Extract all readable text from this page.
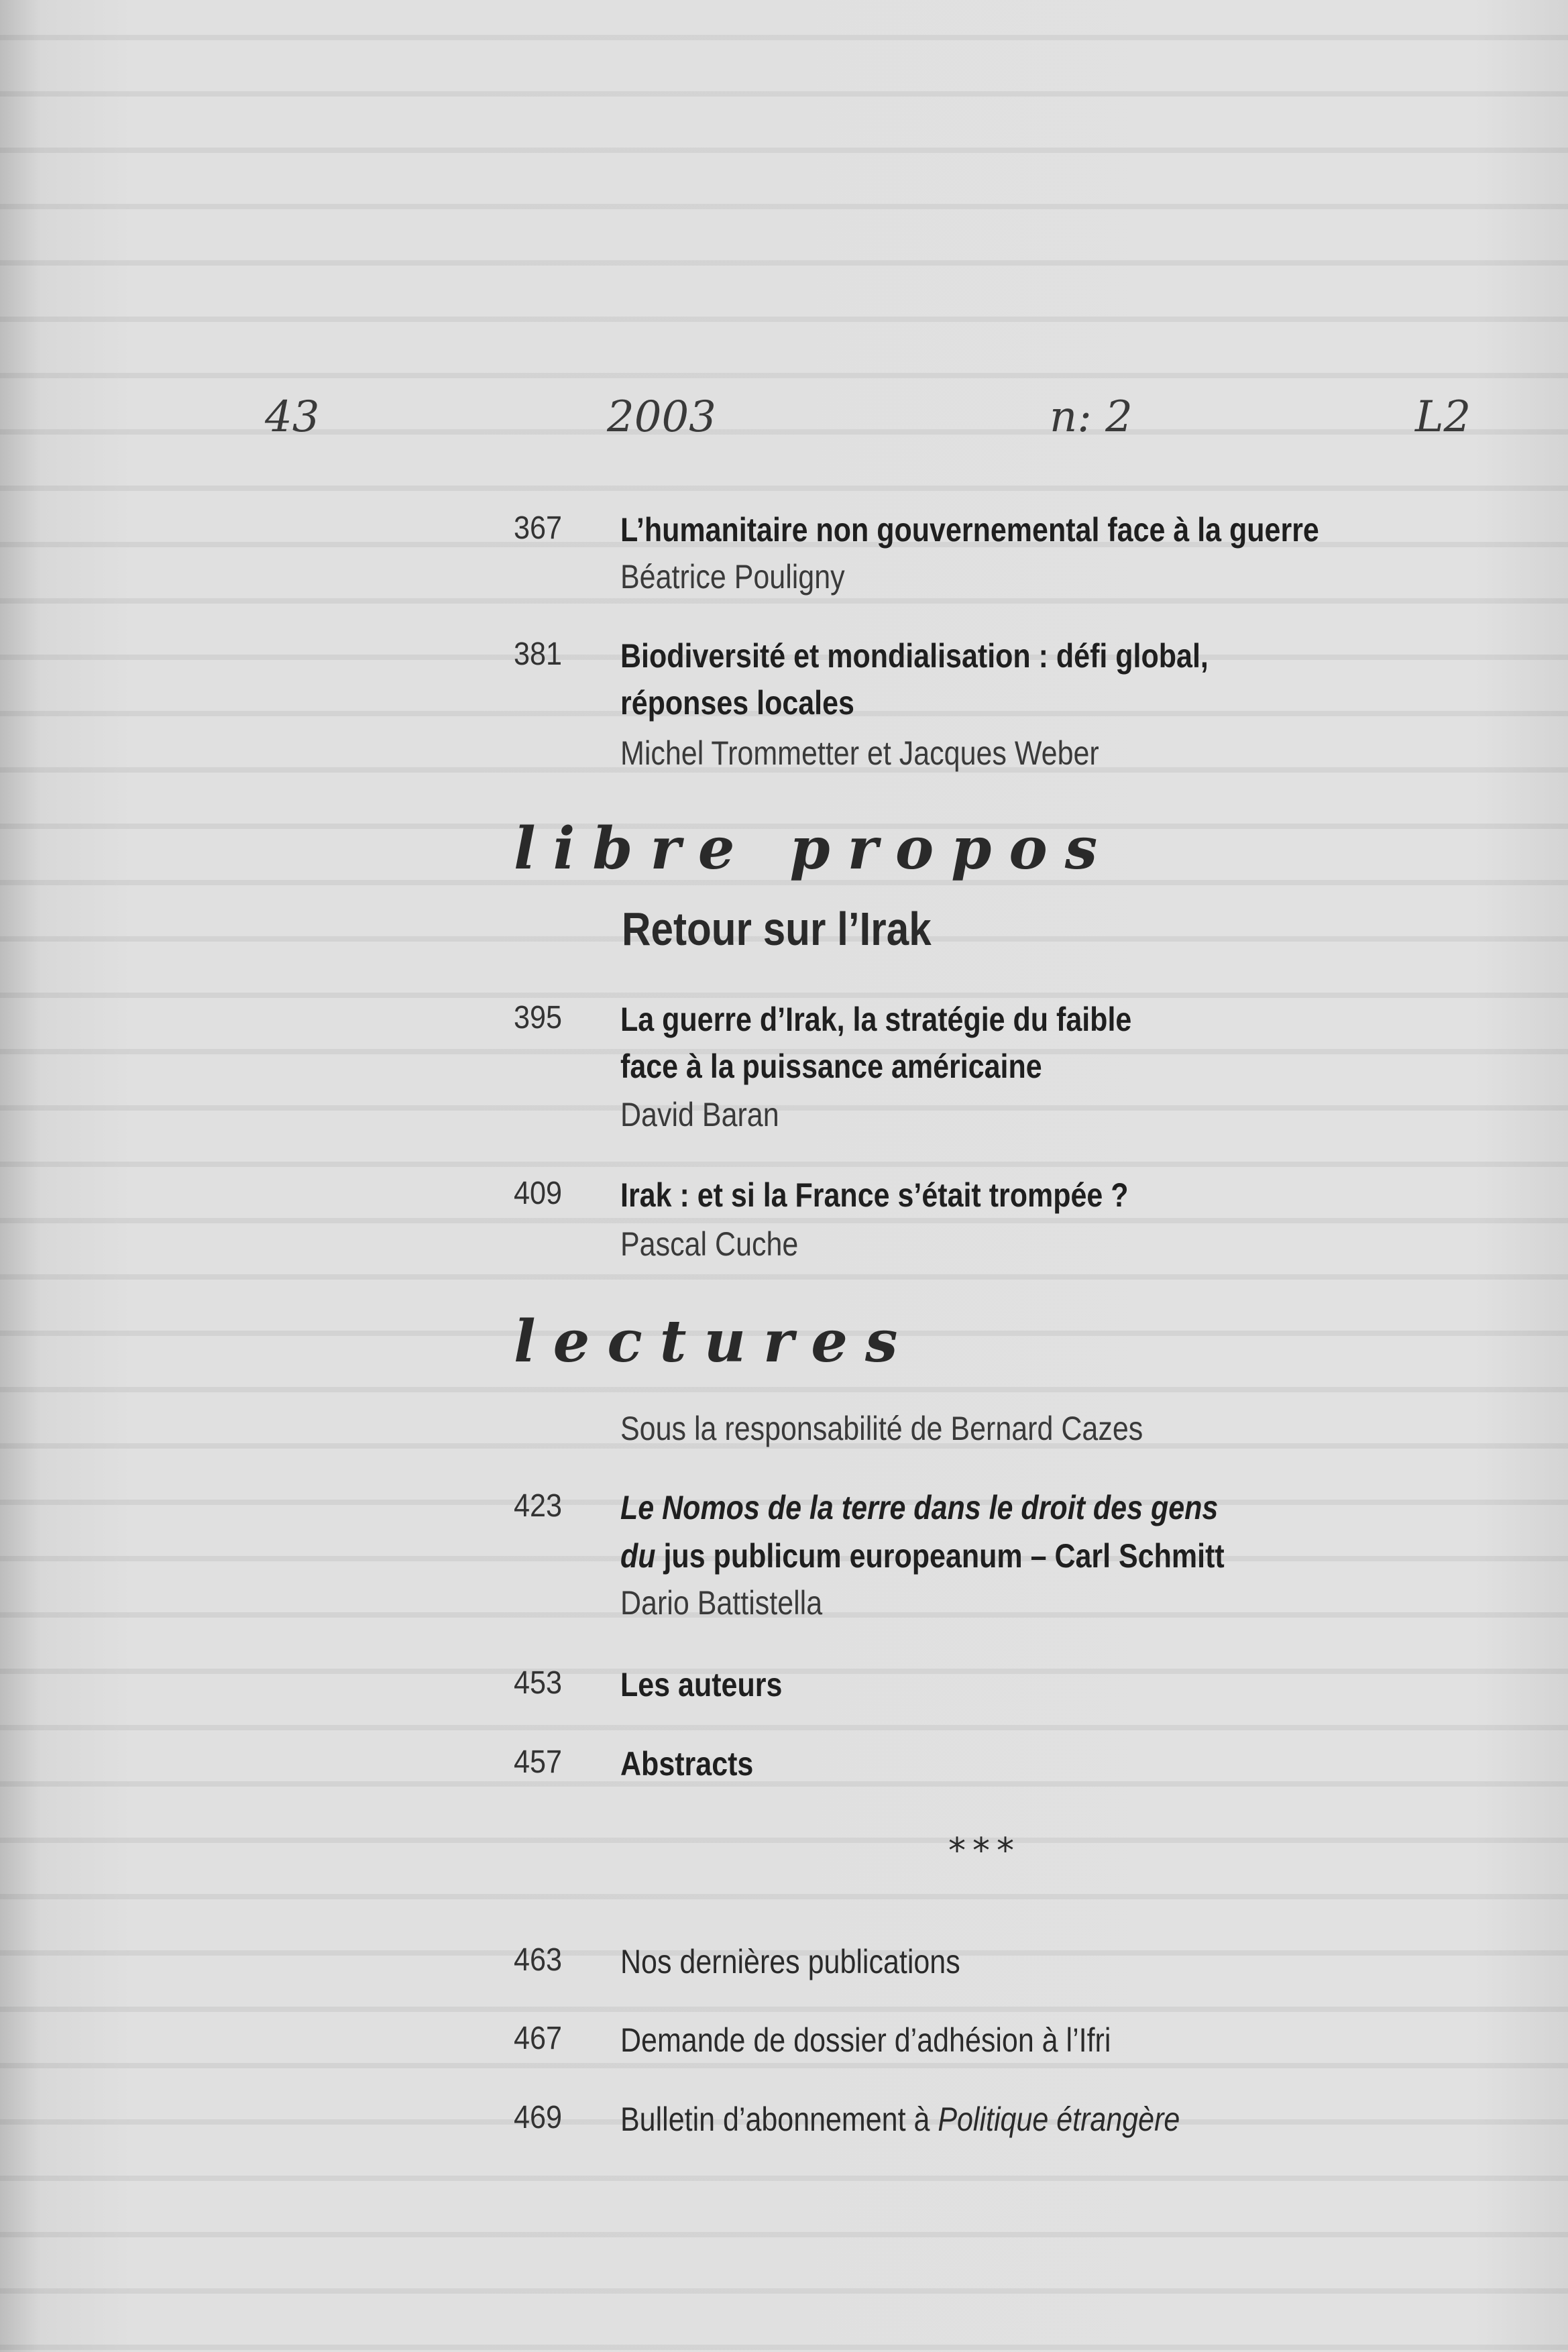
43	2003	n: 2	L2
367	L’humanitaire non gouvernemental face à la guerre
Béatrice Pouligny
381	Biodiversité et mondialisation : défi global,
réponses locales
Michel Trommetter et Jacques Weber
libre propos
Retour sur l’Irak
395	La guerre d’Irak, la stratégie du faible
face à la puissance américaine
David Baran
409	Irak : et si la France s’était trompée ?
Pascal Cuche
lectures
Sous la responsabilité de Bernard Cazes
423	Le Nomos de la terre dans le droit des gens
du jus publicum europeanum – Carl Schmitt
Dario Battistella
453	Les auteurs
457	Abstracts
***
463	Nos dernières publications
467	Demande de dossier d’adhésion à l’Ifri
469	Bulletin d’abonnement à Politique étrangère
